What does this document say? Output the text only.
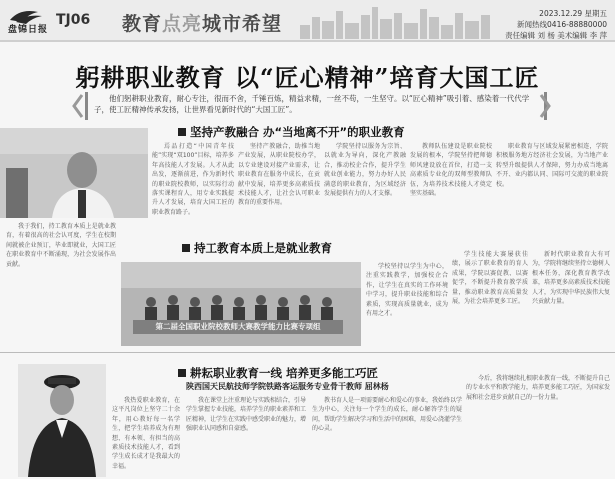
盘锦日报
TJ06 教育点亮城市希望	2023.12.29 星期五
新闻热线0416-88880000
责任编辑 刘 杨 美术编辑 李 萍
躬耕职业教育 以“匠心精神”培育大国工匠

他们躬耕职业教育，耐心专注，很而不舍，千锤百炼，精益求精，一丝不苟，一生坚守。以“匠心精神”吸引着、感染着一代代学子，使工匠精神传承发扬，让世界看见新时代的“大国工匠”。

坚持产教融合 办“当地离不开”的职业教育

焉品打造“中国青年技能”实现“双100”目标，培养多年高技能人才发展。人才从此出发，逐渐前进，作为新时代的职业院校教师，以实际行动落实课程育人，用专业实践提升人才发展，培育大国工匠的职业教育路子。

坚持产教融合，助推当地产业发展，从职业院校办学，以专业建设对接产业需求，让职业教育在服务中成长，在贡献中发展，培养更多高素质技术技能人才，让社会认可职业教育的重要作用。

学院坚持以服务为宗旨、以就业为导向，深化产教融合，推动校企合作，提升学生就业创业能力，努力办好人民满意的职业教育，为区域经济发展提供有力的人才支撑。

教师队伍建设是职业院校发展的根本，学院坚持把师德师风建设放在首位，打造一支高素质专业化的双师型教师队伍，为培养技术技能人才奠定坚实基础。

职业教育与区域发展紧密相连，学院积极服务地方经济社会发展，为当地产业转型升级提供人才保障，努力办成当地离不开、业内都认同、国际可交流的职业院校。

我于我们，持工教育本质上是就业教育，有着很高的社会认可度，学生在校期间就被企业预订，毕业即就业，大国工匠在职业教育中不断涌现，为社会发展作出贡献。

持工教育本质上是就业教育
第二届全国职业院校教师大赛教学能力比赛专项组

学校坚持以学生为中心，注重实践教学，加强校企合作，让学生在真实的工作环境中学习，提升职业技能和综合素质，实现高质量就业，成为有用之才。

学生技能大赛屡获佳绩，展示了职业教育的育人成果，学院以赛促教、以赛促学，不断提升教育教学质量，推动职业教育高质量发展，为社会培养更多工匠。

新时代职业教育大有可为，学院将继续坚持立德树人根本任务，深化教育教学改革，培养更多高素质技术技能人才，为实现中华民族伟大复兴贡献力量。

耕耘职业教育一线 培养更多能工巧匠
陕西国天民航技师学院铁路客运服务专业骨干教师 屈林杨

我热爱职业教育，在这平凡岗位上坚守二十余年，用心教好每一名学生，把学生培养成为有理想、有本领、有担当的高素质技术技能人才，看到学生成长成才是我最大的幸福。

我在课堂上注重理论与实践相结合，引导学生掌握专业技能，培养学生的职业素养和工匠精神，让学生在实践中感受职业的魅力，增强职业认同感和自豪感。

教书育人是一项需要耐心和爱心的事业，我始终以学生为中心，关注每一个学生的成长，耐心解答学生的疑问，帮助学生解决学习和生活中的困难，用爱心浇灌学生的心灵。

今后，我将继续扎根职业教育一线，不断提升自己的专业水平和教学能力，培养更多能工巧匠，为国家发展和社会进步贡献自己的一份力量。
